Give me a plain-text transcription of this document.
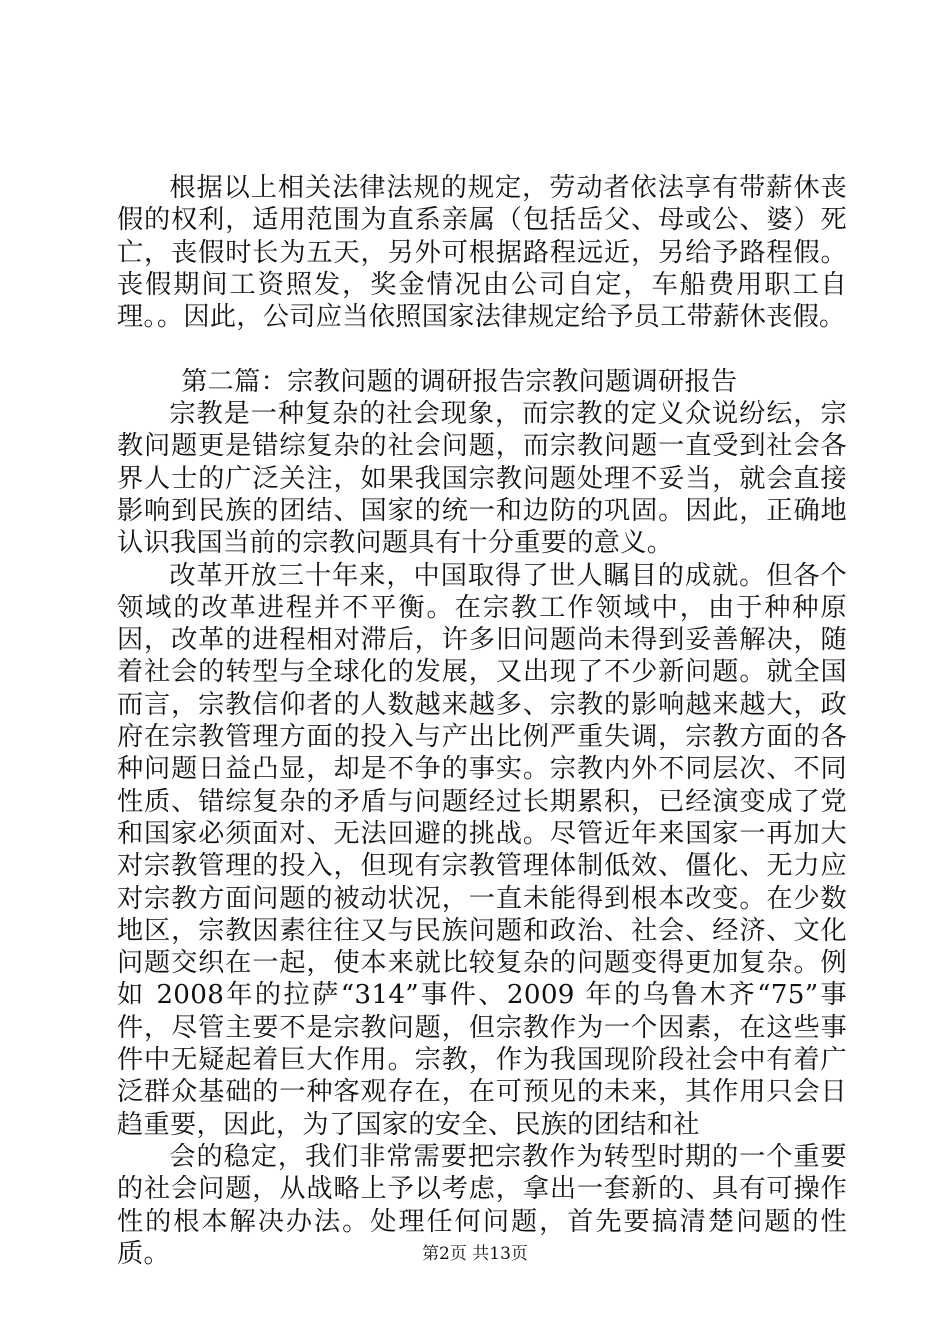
根据以上相关法律法规的规定，劳动者依法享有带薪休丧假的权利，适用范围为直系亲属（包括岳父、母或公、婆）死亡，丧假时长为五天，另外可根据路程远近，另给予路程假。丧假期间工资照发，奖金情况由公司自定，车船费用职工自理。。因此，公司应当依照国家法律规定给予员工带薪休丧假。

第二篇：宗教问题的调研报告宗教问题调研报告

宗教是一种复杂的社会现象，而宗教的定义众说纷纭，宗教问题更是错综复杂的社会问题，而宗教问题一直受到社会各界人士的广泛关注，如果我国宗教问题处理不妥当，就会直接影响到民族的团结、国家的统一和边防的巩固。因此，正确地认识我国当前的宗教问题具有十分重要的意义。

改革开放三十年来，中国取得了世人瞩目的成就。但各个领域的改革进程并不平衡。在宗教工作领域中，由于种种原因，改革的进程相对滞后，许多旧问题尚未得到妥善解决，随着社会的转型与全球化的发展，又出现了不少新问题。就全国而言，宗教信仰者的人数越来越多、宗教的影响越来越大，政府在宗教管理方面的投入与产出比例严重失调，宗教方面的各种问题日益凸显，却是不争的事实。宗教内外不同层次、不同性质、错综复杂的矛盾与问题经过长期累积，已经演变成了党和国家必须面对、无法回避的挑战。尽管近年来国家一再加大对宗教管理的投入，但现有宗教管理体制低效、僵化、无力应对宗教方面问题的被动状况，一直未能得到根本改变。在少数地区，宗教因素往往又与民族问题和政治、社会、经济、文化问题交织在一起，使本来就比较复杂的问题变得更加复杂。例如 2008年的拉萨“314”事件、2009 年的乌鲁木齐“75”事件，尽管主要不是宗教问题，但宗教作为一个因素，在这些事件中无疑起着巨大作用。宗教，作为我国现阶段社会中有着广泛群众基础的一种客观存在，在可预见的未来，其作用只会日趋重要，因此，为了国家的安全、民族的团结和社

会的稳定，我们非常需要把宗教作为转型时期的一个重要的社会问题，从战略上予以考虑，拿出一套新的、具有可操作性的根本解决办法。处理任何问题，首先要搞清楚问题的性质。	第2页 共13页
